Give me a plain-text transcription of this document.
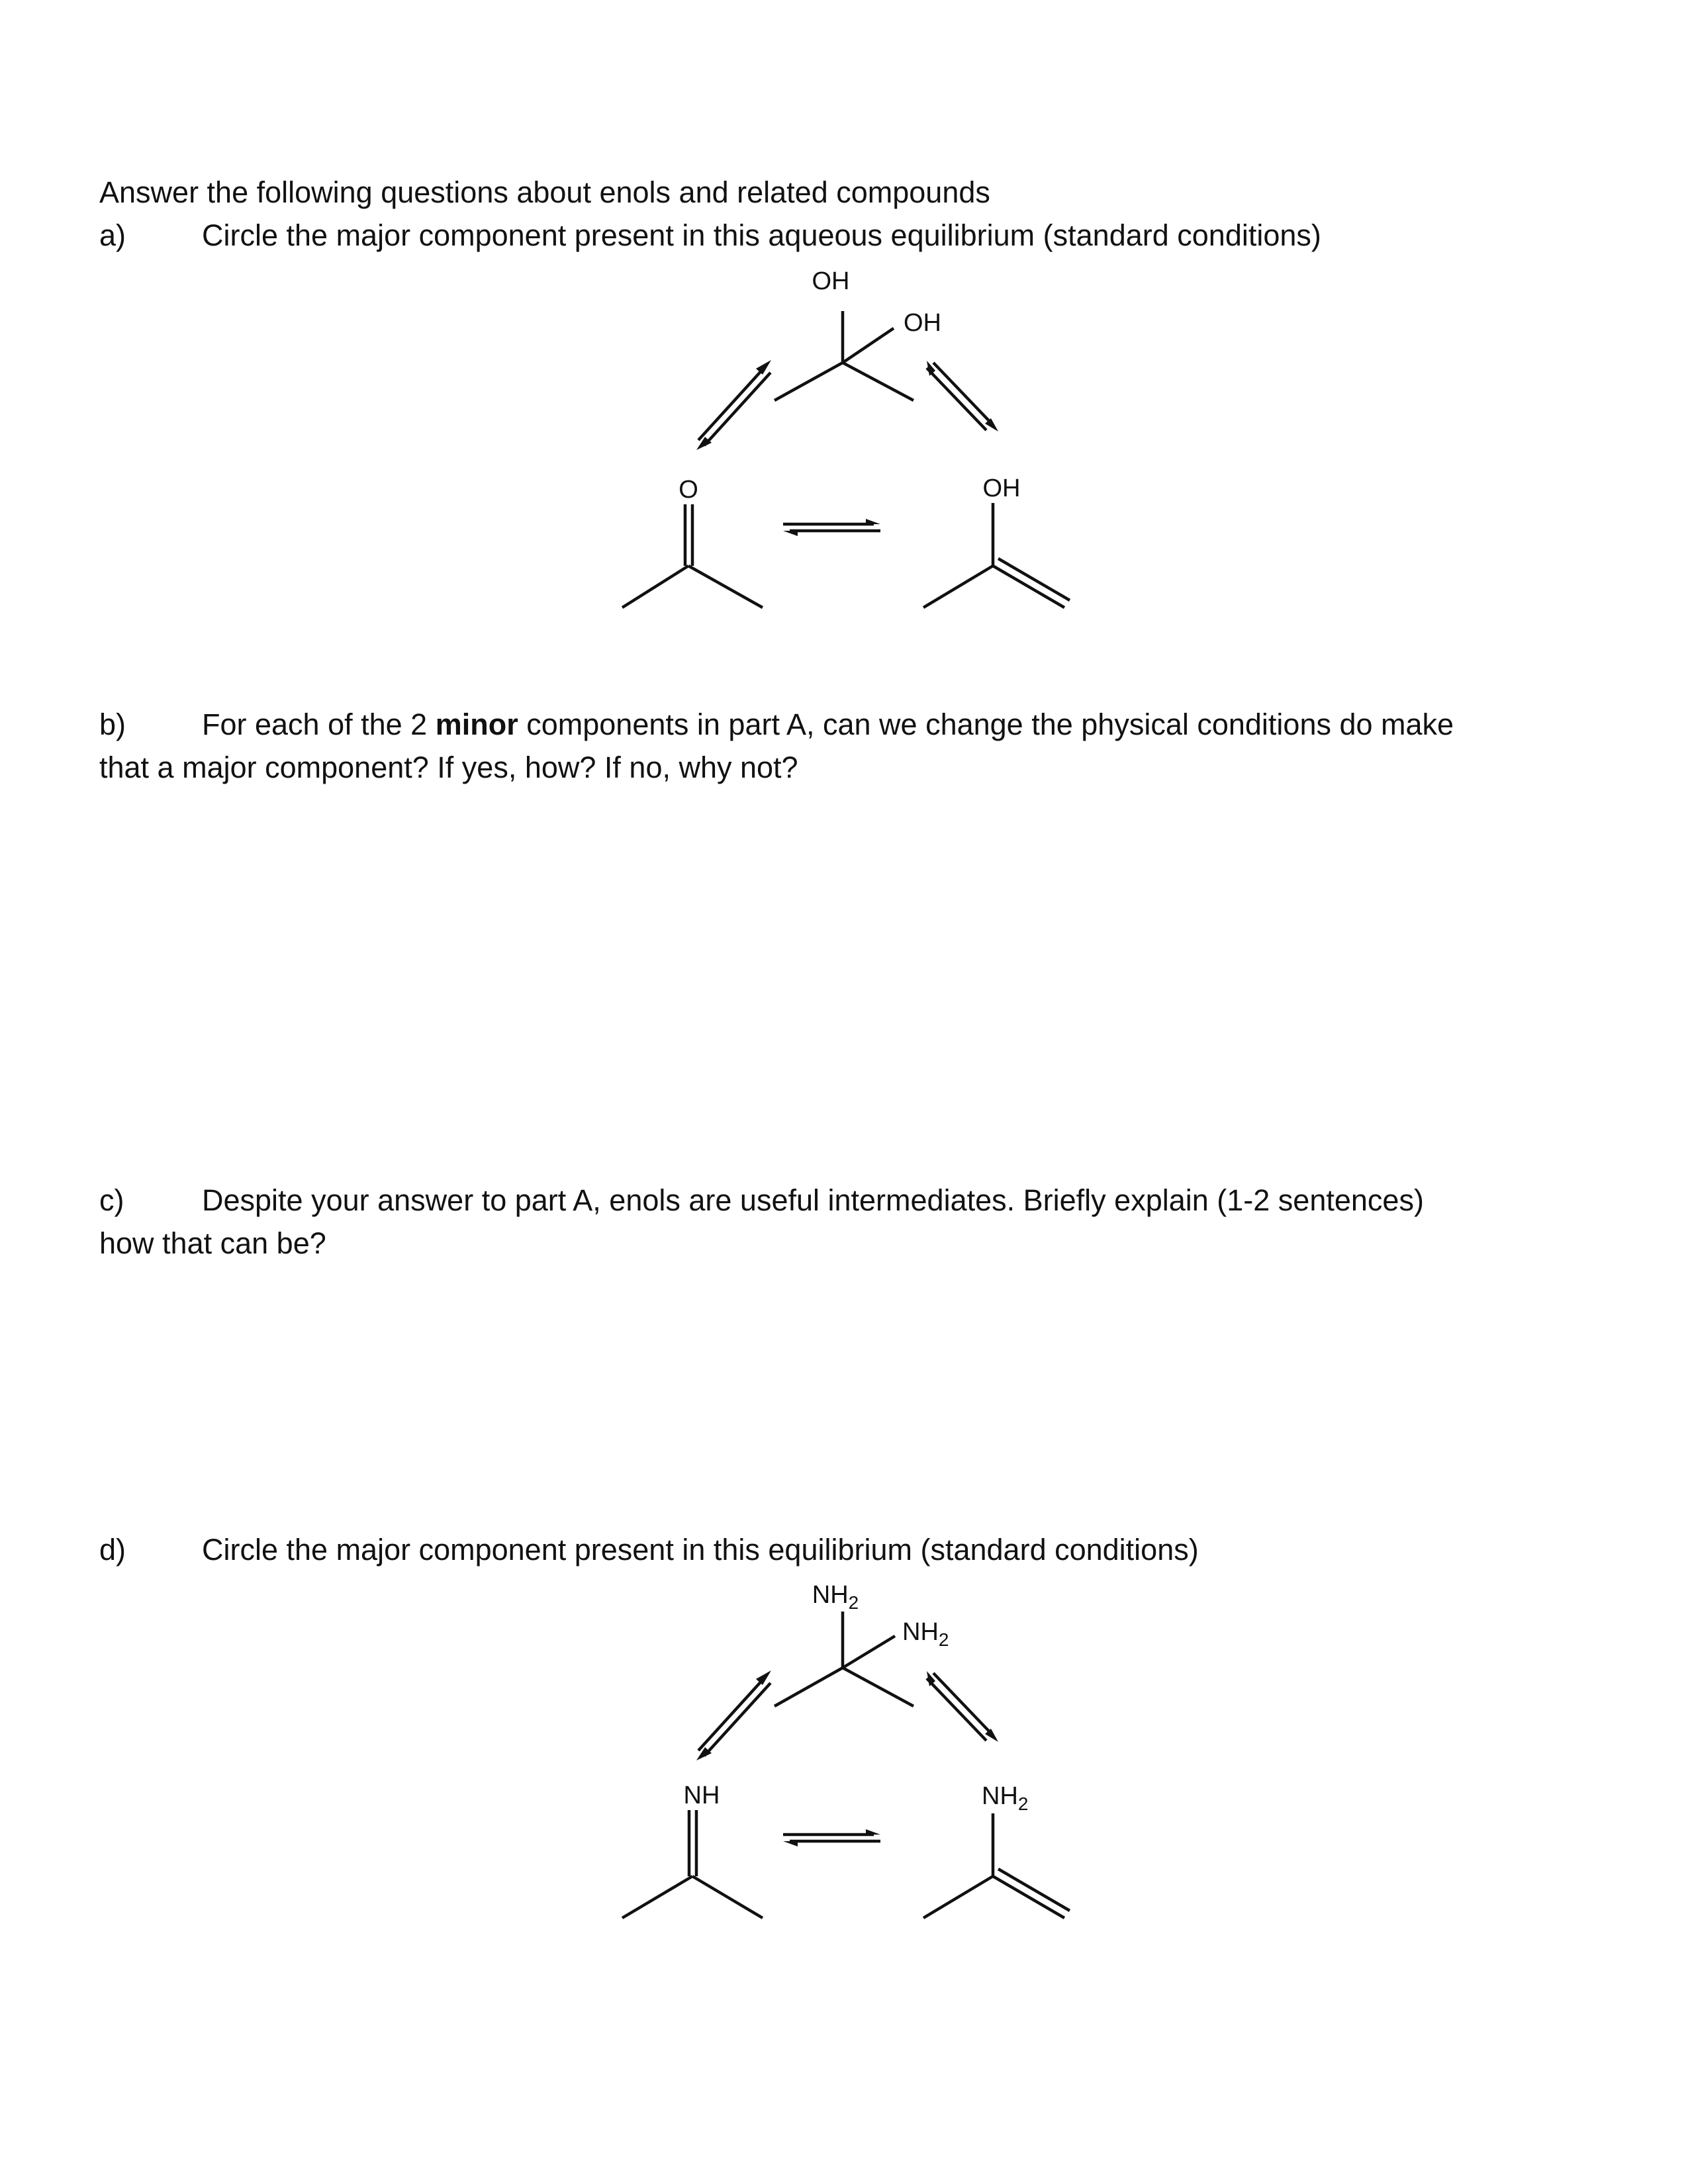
Answer the following questions about enols and related compounds
a)	Circle the major component present in this aqueous equilibrium (standard conditions)
OH
OH
O	OH
b)	For each of the 2 minor components in part A, can we change the physical conditions do make
that a major component? If yes, how? If no, why not?
c)	Despite your answer to part A, enols are useful intermediates. Briefly explain (1-2 sentences)
how that can be?
d)	Circle the major component present in this equilibrium (standard conditions)
$NH_2$
$NH_2$
NH	$NH_2$
